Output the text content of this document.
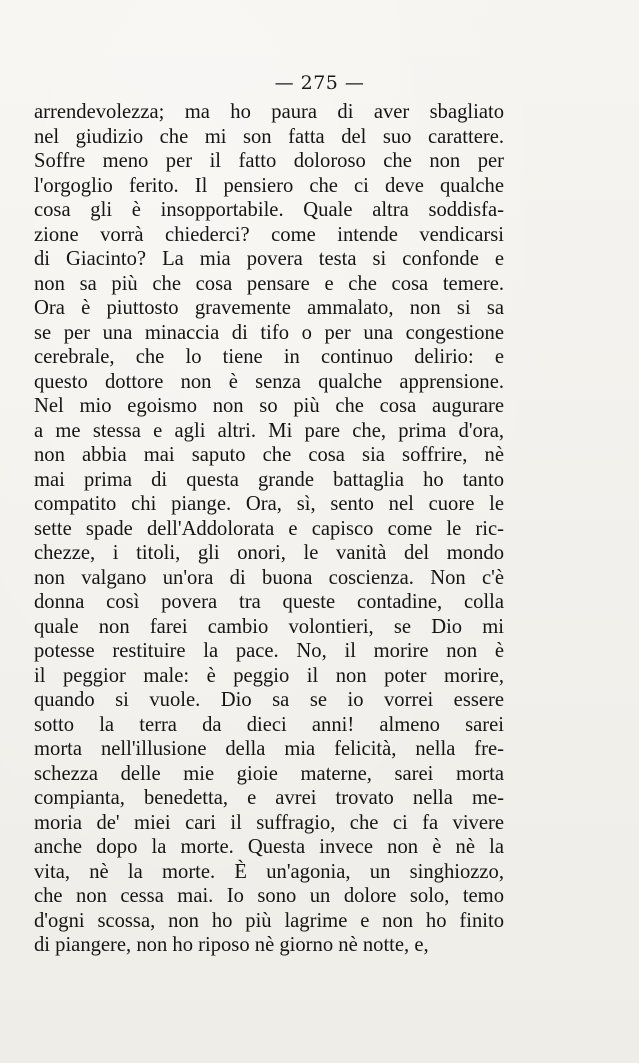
— 275 —
arrendevolezza; ma ho paura di aver sbagliato
nel giudizio che mi son fatta del suo carattere.
Soffre meno per il fatto doloroso che non per
l'orgoglio ferito. Il pensiero che ci deve qualche
cosa gli è insopportabile. Quale altra soddisfa-
zione vorrà chiederci? come intende vendicarsi
di Giacinto? La mia povera testa si confonde e
non sa più che cosa pensare e che cosa temere.
Ora è piuttosto gravemente ammalato, non si sa
se per una minaccia di tifo o per una congestione
cerebrale, che lo tiene in continuo delirio: e
questo dottore non è senza qualche apprensione.
Nel mio egoismo non so più che cosa augurare
a me stessa e agli altri. Mi pare che, prima d'ora,
non abbia mai saputo che cosa sia soffrire, nè
mai prima di questa grande battaglia ho tanto
compatito chi piange. Ora, sì, sento nel cuore le
sette spade dell'Addolorata e capisco come le ric-
chezze, i titoli, gli onori, le vanità del mondo
non valgano un'ora di buona coscienza. Non c'è
donna così povera tra queste contadine, colla
quale non farei cambio volontieri, se Dio mi
potesse restituire la pace. No, il morire non è
il peggior male: è peggio il non poter morire,
quando si vuole. Dio sa se io vorrei essere
sotto la terra da dieci anni! almeno sarei
morta nell'illusione della mia felicità, nella fre-
schezza delle mie gioie materne, sarei morta
compianta, benedetta, e avrei trovato nella me-
moria de' miei cari il suffragio, che ci fa vivere
anche dopo la morte. Questa invece non è nè la
vita, nè la morte. È un'agonia, un singhiozzo,
che non cessa mai. Io sono un dolore solo, temo
d'ogni scossa, non ho più lagrime e non ho finito
di piangere, non ho riposo nè giorno nè notte, e,
